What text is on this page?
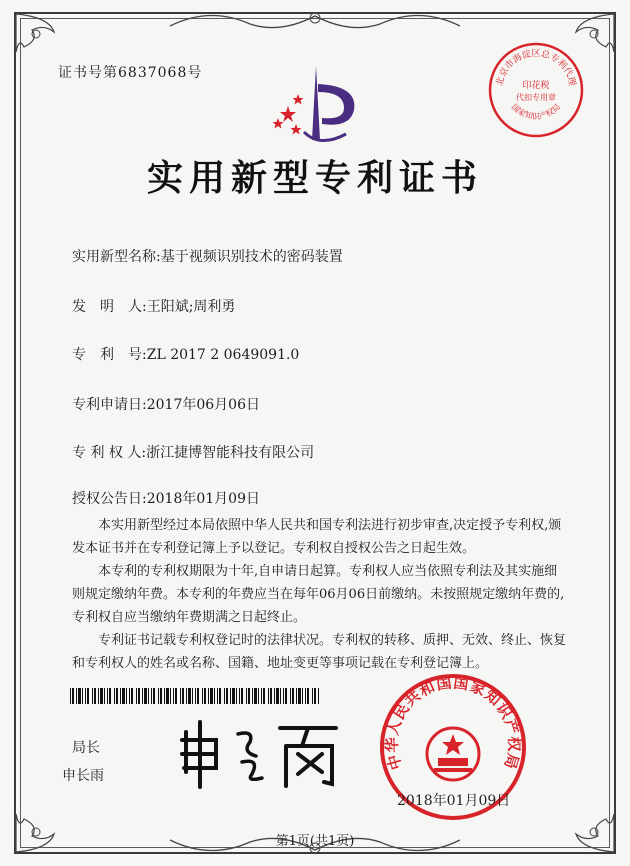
证书号第6837068号
北京市海淀区总专利代理
印花税
代扣专用章
国家知识产权局
实用新型专利证书
实用新型名称:基于视频识别技术的密码装置
发　明　人:王阳斌;周利勇
专　利　号:ZL 2017 2 0649091.0
专利申请日:2017年06月06日
专 利 权 人:浙江捷博智能科技有限公司
授权公告日:2018年01月09日

本实用新型经过本局依照中华人民共和国专利法进行初步审查,决定授予专利权,颁发本证书并在专利登记簿上予以登记。专利权自授权公告之日起生效。

本专利的专利权期限为十年,自申请日起算。专利权人应当依照专利法及其实施细则规定缴纳年费。本专利的年费应当在每年06月06日前缴纳。未按照规定缴纳年费的,专利权自应当缴纳年费期满之日起终止。

专利证书记载专利权登记时的法律状况。专利权的转移、质押、无效、终止、恢复和专利权人的姓名或名称、国籍、地址变更等事项记载在专利登记簿上。

局长
申长雨
中华人民共和国国家知识产权局
2018年01月09日
第1页(共1页)
